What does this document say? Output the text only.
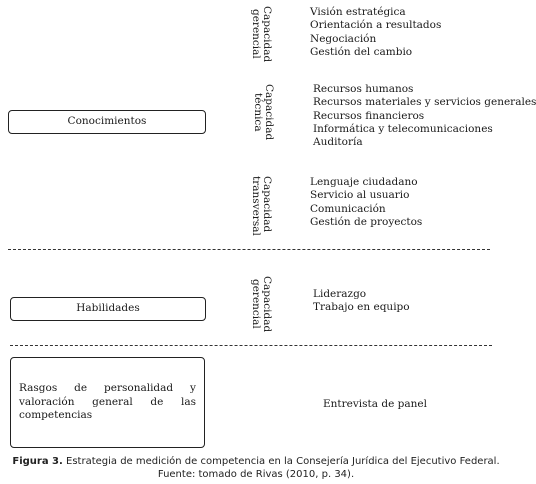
Conocimientos
Habilidades
Rasgos de personalidad y valoración general de las competencias
Capacidad
gerencial	Visión estratégica
Orientación a resultados
Negociación
Gestión del cambio
Capacidad
técnica
Recursos humanos
Recursos materiales y servicios generales
Recursos financieros
Informática y telecomunicaciones
Auditoría
Capacidad
transversal	Lenguaje ciudadano
Servicio al usuario
Comunicación
Gestión de proyectos
Capacidad
gerencial	Liderazgo
Trabajo en equipo
Entrevista de panel
Figura 3. Estrategia de medición de competencia en la Consejería Jurídica del Ejecutivo Federal.
Fuente: tomado de Rivas (2010, p. 34).
